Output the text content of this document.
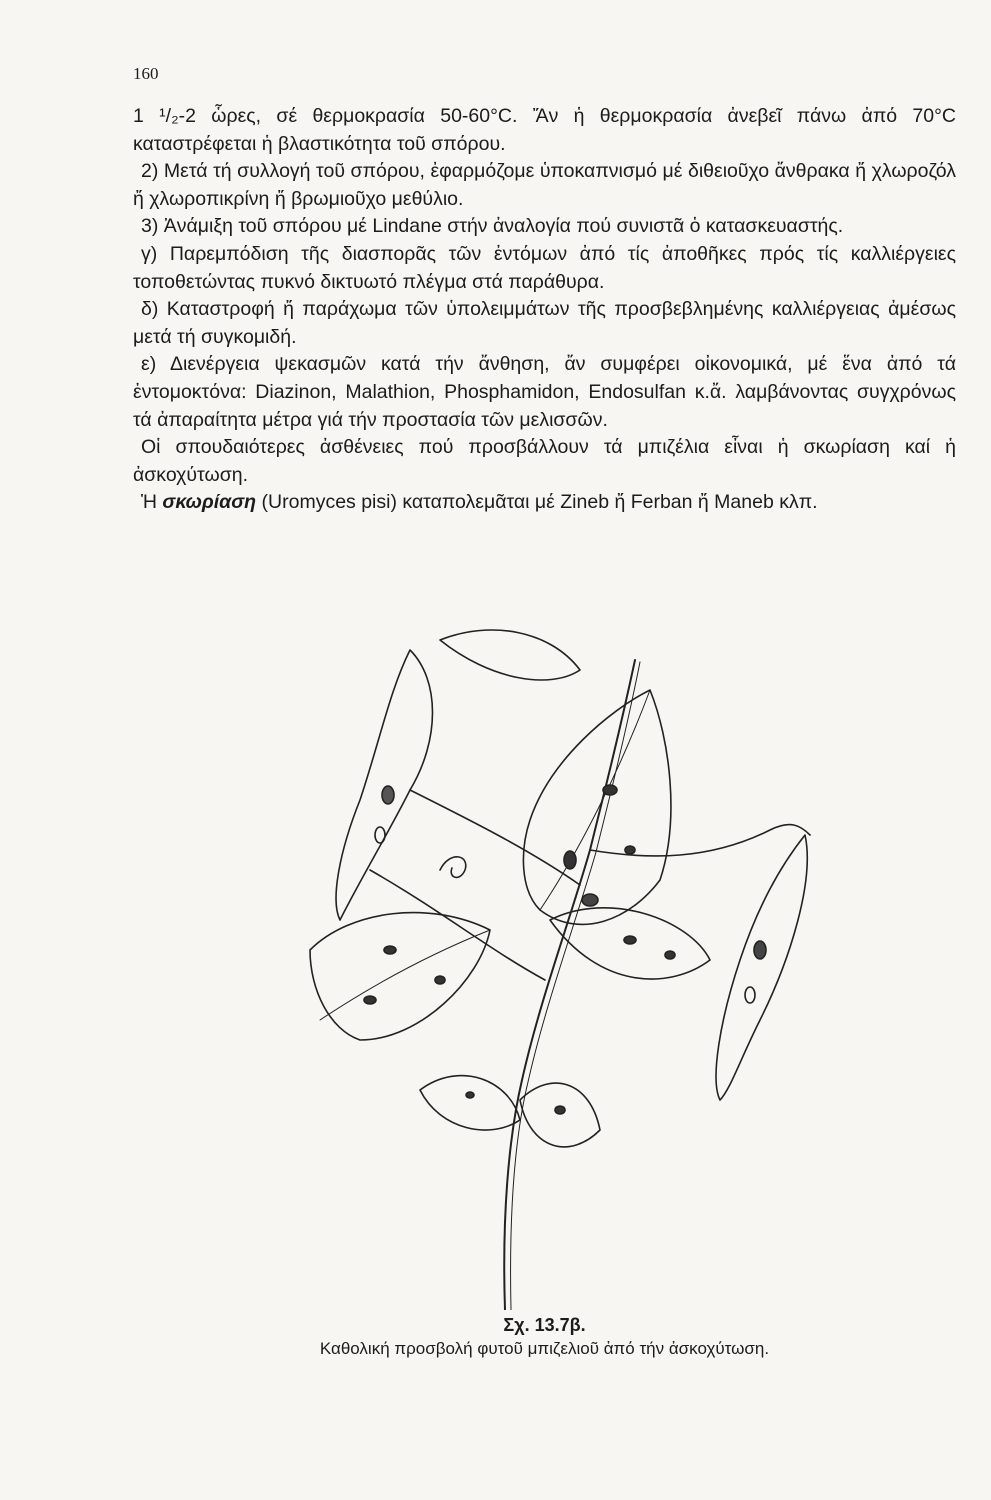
160

1 ¹/₂-2 ὧρες, σέ θερμοκρασία 50-60°C. Ἄν ἡ θερμοκρασία ἀνεβεῖ πάνω ἀπό 70°C καταστρέφεται ἡ βλαστικότητα τοῦ σπόρου.

2) Μετά τή συλλογή τοῦ σπόρου, ἐφαρμόζομε ὑποκαπνισμό μέ διθειοῦχο ἄνθρακα ἤ χλωροζόλ ἤ χλωροπικρίνη ἤ βρωμιοῦχο μεθύλιο.

3) Ἀνάμιξη τοῦ σπόρου μέ Lindane στήν ἀναλογία πού συνιστᾶ ὁ κατασκευαστής.

γ) Παρεμπόδιση τῆς διασπορᾶς τῶν ἐντόμων ἀπό τίς ἀποθῆκες πρός τίς καλλιέργειες τοποθετώντας πυκνό δικτυωτό πλέγμα στά παράθυρα.

δ) Καταστροφή ἤ παράχωμα τῶν ὑπολειμμάτων τῆς προσβεβλημένης καλλιέργειας ἀμέσως μετά τή συγκομιδή.

ε) Διενέργεια ψεκασμῶν κατά τήν ἄνθηση, ἄν συμφέρει οἰκονομικά, μέ ἕνα ἀπό τά ἐντομοκτόνα: Diazinon, Malathion, Phosphamidon, Endosulfan κ.ἄ. λαμβάνοντας συγχρόνως τά ἀπαραίτητα μέτρα γιά τήν προστασία τῶν μελισσῶν.

Οἱ σπουδαιότερες ἀσθένειες πού προσβάλλουν τά μπιζέλια εἶναι ἡ σκωρίαση καί ἡ ἀσκοχύτωση.

Ἡ σκωρίαση (Uromyces pisi) καταπολεμᾶται μέ Zineb ἤ Ferban ἤ Maneb κλπ.

Σχ. 13.7β.
Καθολική προσβολή φυτοῦ μπιζελιοῦ ἀπό τήν ἀσκοχύτωση.
